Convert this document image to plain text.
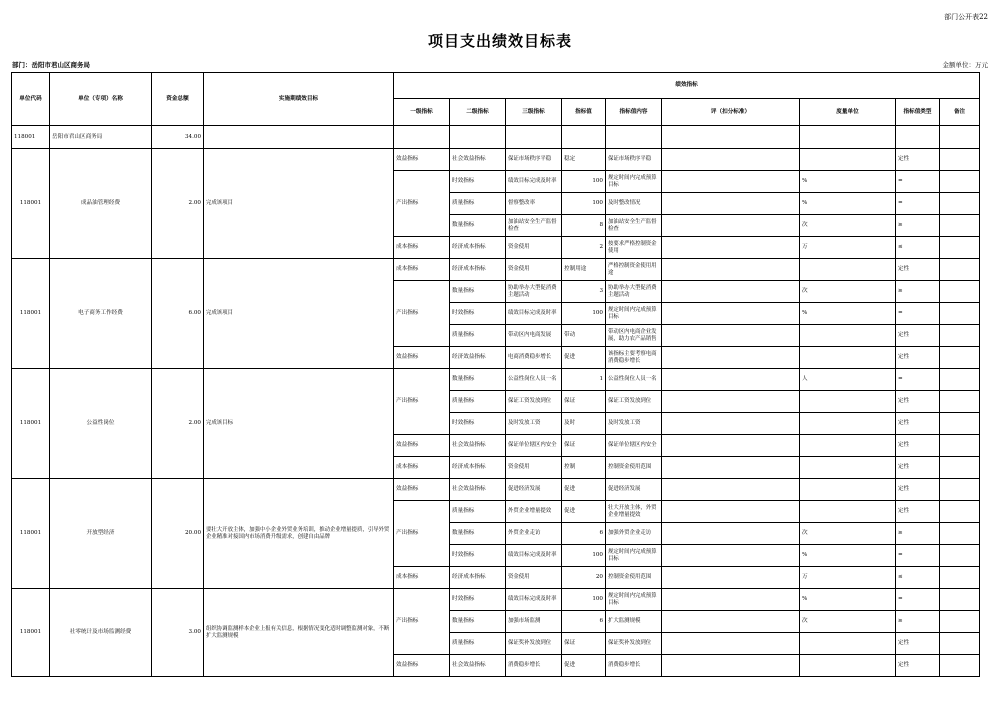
部门公开表22
项目支出绩效目标表
部门：岳阳市君山区商务局	金额单位：万元
单位代码	单位（专项）名称	资金总额	实施期绩效目标	绩效指标								
				一级指标	二级指标	三级指标	指标值	指标值内容	评（扣分标准）	度量单位	指标值类型	备注
118001	岳阳市君山区商务局	34.00										
118001	成品油管理经费	2.00	完成该项目	效益指标	社会效益指标	保证市场秩序平稳	稳定	保证市场秩序平稳			定性	
				产出指标	时效指标	绩效目标完成及时率	100	规定时间内完成预算目标		%	=	
					质量指标	督察整改率	100	及时整改情况		%	=	
					数量指标	加油站安全生产监督检查	8	加油站安全生产监督检查		次	≥	
				成本指标	经济成本指标	资金使用	2	按要求严格控制资金使用		万	≤	
118001	电子商务工作经费	6.00	完成该项目	成本指标	经济成本指标	资金使用	控制用途	严格控制资金使用用途			定性	
				产出指标	数量指标	协助举办大型促消费主题活动	3	协助举办大型促消费主题活动		次	≥	
					时效指标	绩效目标完成及时率	100	规定时间内完成预算目标		%	=	
					质量指标	带动区内电商发展	带动	带动区内电商企业发展，助力农产品销售			定性	
				效益指标	经济效益指标	电商消费稳步增长	促进	该指标主要考察电商消费稳步增长			定性	
118001	公益性岗位	2.00	完成该目标	产出指标	数量指标	公益性岗位人员一名	1	公益性岗位人员一名		人	=	
					质量指标	保证工资发放到位	保证	保证工资发放到位			定性	
					时效指标	及时发放工资	及时	及时发放工资			定性	
				效益指标	社会效益指标	保证单位辖区内安全	保证	保证单位辖区内安全			定性	
				成本指标	经济成本指标	资金使用	控制	控制资金使用范围			定性	
118001	开放型经济	20.00	要壮大开放主体，加强中小企业外贸业务培训，推动企业增量提质，引导外贸企业精准对接国内市场消费升级需求，创建自由品牌	效益指标	社会效益指标	促进经济发展	促进	促进经济发展			定性	
				产出指标	质量指标	外贸企业增量提效	促进	壮大开放主体，外贸企业增量提效			定性	
					数量指标	外贸企业走访	6	加强外贸企业走访		次	≥	
					时效指标	绩效目标完成及时率	100	规定时间内完成预算目标		%	=	
				成本指标	经济成本指标	资金使用	20	控制资金使用范围		万	≤	
118001	社零统计及市场监测经费	3.00	组织协调监测样本企业上报有关信息，根据情况变化适时调整监测对象，不断扩大监测规模	产出指标	时效指标	绩效目标完成及时率	100	规定时间内完成预算目标		%	=	
					数量指标	加强市场监测	6	扩大监测规模		次	≥	
					质量指标	保证奖补发放到位	保证	保证奖补发放到位			定性	
				效益指标	社会效益指标	消费稳步增长	促进	消费稳步增长			定性	
